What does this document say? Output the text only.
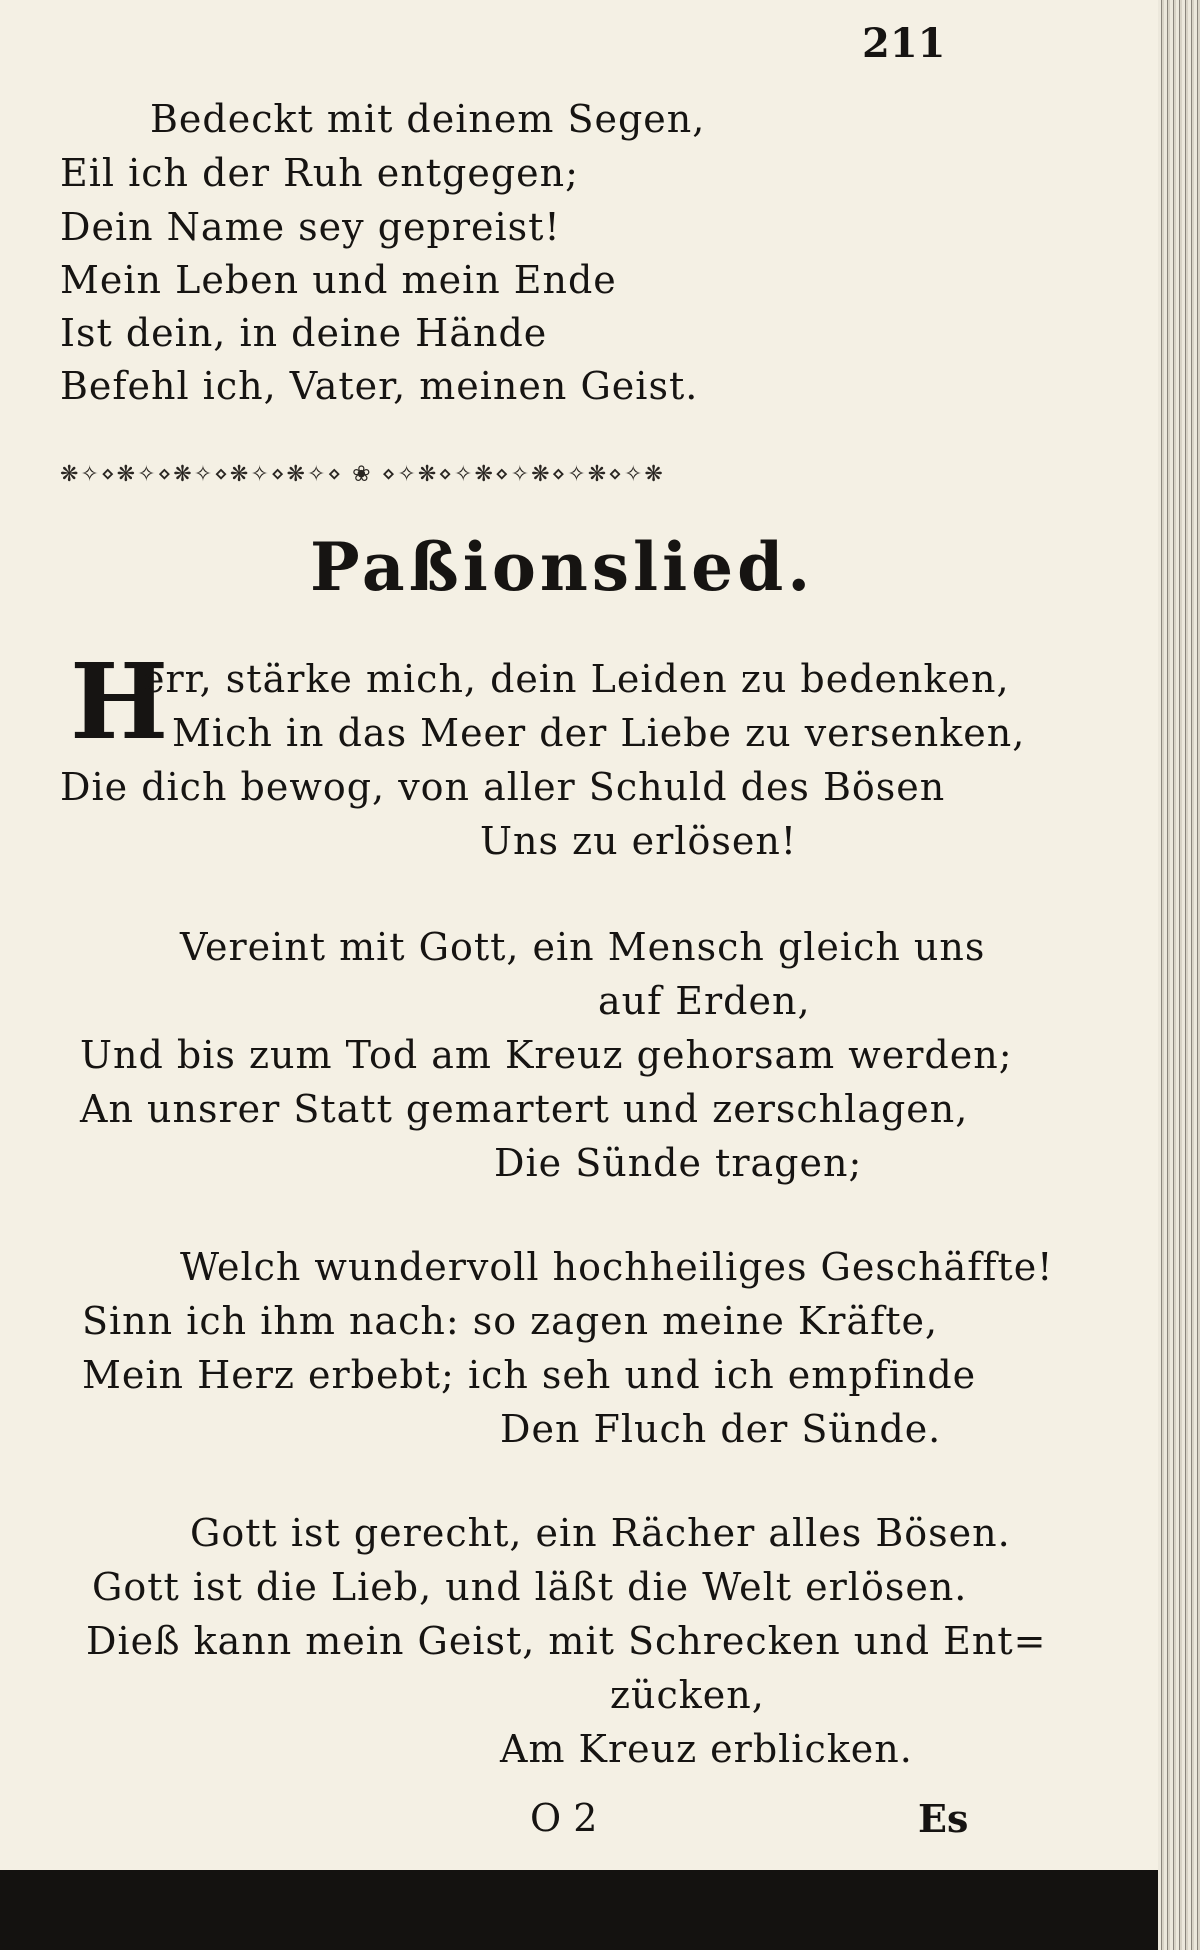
211
Bedeckt mit deinem Segen,
Eil ich der Ruh entgegen;
Dein Name sey gepreist!
Mein Leben und mein Ende
Ist dein, in deine Hände
Befehl ich, Vater, meinen Geist.
❋✧⋄❋✧⋄❋✧⋄❋✧⋄❋✧⋄ ❀ ⋄✧❋⋄✧❋⋄✧❋⋄✧❋⋄✧❋
Paßionslied.
H
err, stärke mich, dein Leiden zu bedenken,
Mich in das Meer der Liebe zu versenken,
Die dich bewog, von aller Schuld des Bösen
Uns zu erlösen!
Vereint mit Gott, ein Mensch gleich uns
auf Erden,
Und bis zum Tod am Kreuz gehorsam werden;
An unsrer Statt gemartert und zerschlagen,
Die Sünde tragen;
Welch wundervoll hochheiliges Geschäffte!
Sinn ich ihm nach: so zagen meine Kräfte,
Mein Herz erbebt; ich seh und ich empfinde
Den Fluch der Sünde.
Gott ist gerecht, ein Rächer alles Bösen.
Gott ist die Lieb, und läßt die Welt erlösen.
Dieß kann mein Geist, mit Schrecken und Ent=
zücken,
Am Kreuz erblicken.
O 2	Es
